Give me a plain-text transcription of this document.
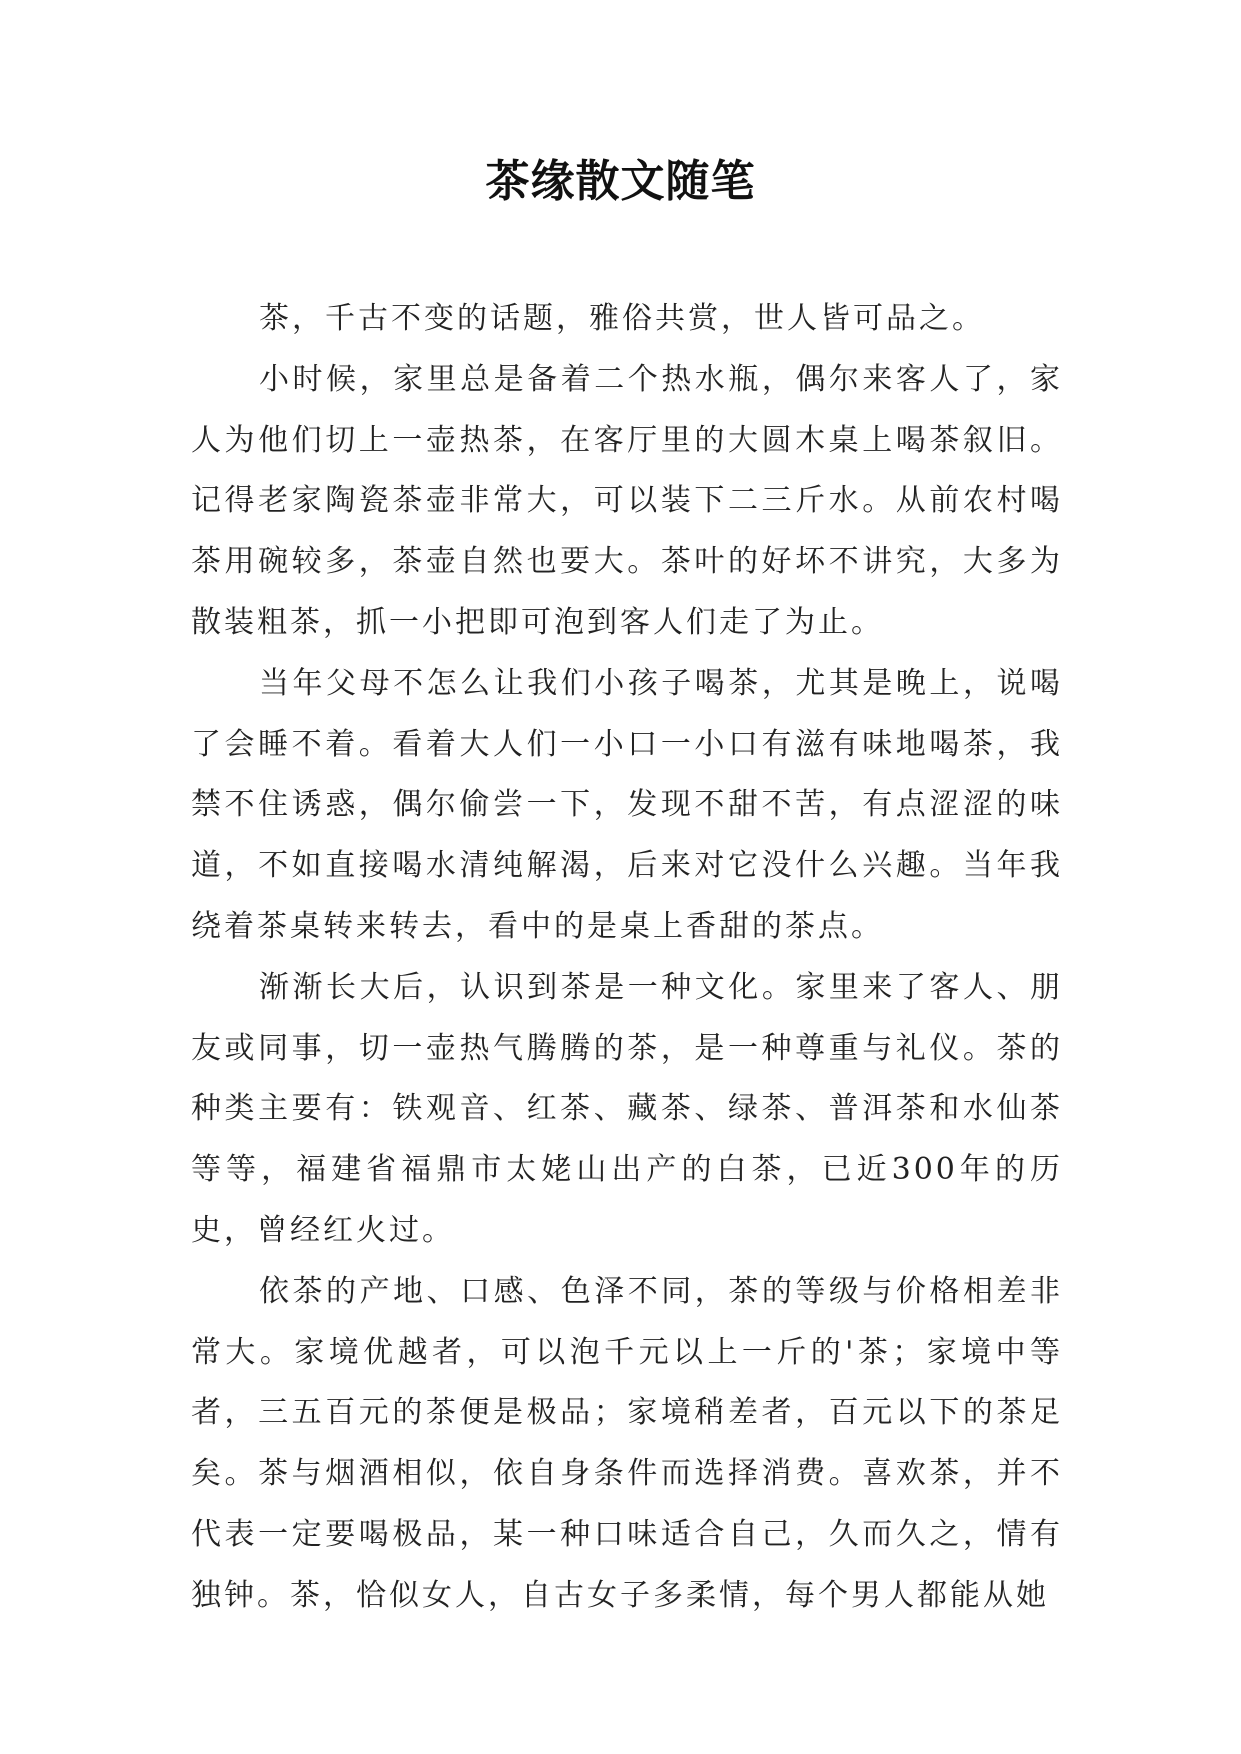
茶缘散文随笔

茶，千古不变的话题，雅俗共赏，世人皆可品之。

小时候，家里总是备着二个热水瓶，偶尔来客人了，家人为他们切上一壶热茶，在客厅里的大圆木桌上喝茶叙旧。记得老家陶瓷茶壶非常大，可以装下二三斤水。从前农村喝茶用碗较多，茶壶自然也要大。茶叶的好坏不讲究，大多为散装粗茶，抓一小把即可泡到客人们走了为止。

当年父母不怎么让我们小孩子喝茶，尤其是晚上，说喝了会睡不着。看着大人们一小口一小口有滋有味地喝茶，我禁不住诱惑，偶尔偷尝一下，发现不甜不苦，有点涩涩的味道，不如直接喝水清纯解渴，后来对它没什么兴趣。当年我绕着茶桌转来转去，看中的是桌上香甜的茶点。

渐渐长大后，认识到茶是一种文化。家里来了客人、朋友或同事，切一壶热气腾腾的茶，是一种尊重与礼仪。茶的种类主要有：铁观音、红茶、藏茶、绿茶、普洱茶和水仙茶等等，福建省福鼎市太姥山出产的白茶，已近300年的历史，曾经红火过。

依茶的产地、口感、色泽不同，茶的等级与价格相差非常大。家境优越者，可以泡千元以上一斤的'茶；家境中等者，三五百元的茶便是极品；家境稍差者，百元以下的茶足矣。茶与烟酒相似，依自身条件而选择消费。喜欢茶，并不代表一定要喝极品，某一种口味适合自己，久而久之，情有独钟。茶，恰似女人，自古女子多柔情，每个男人都能从她
